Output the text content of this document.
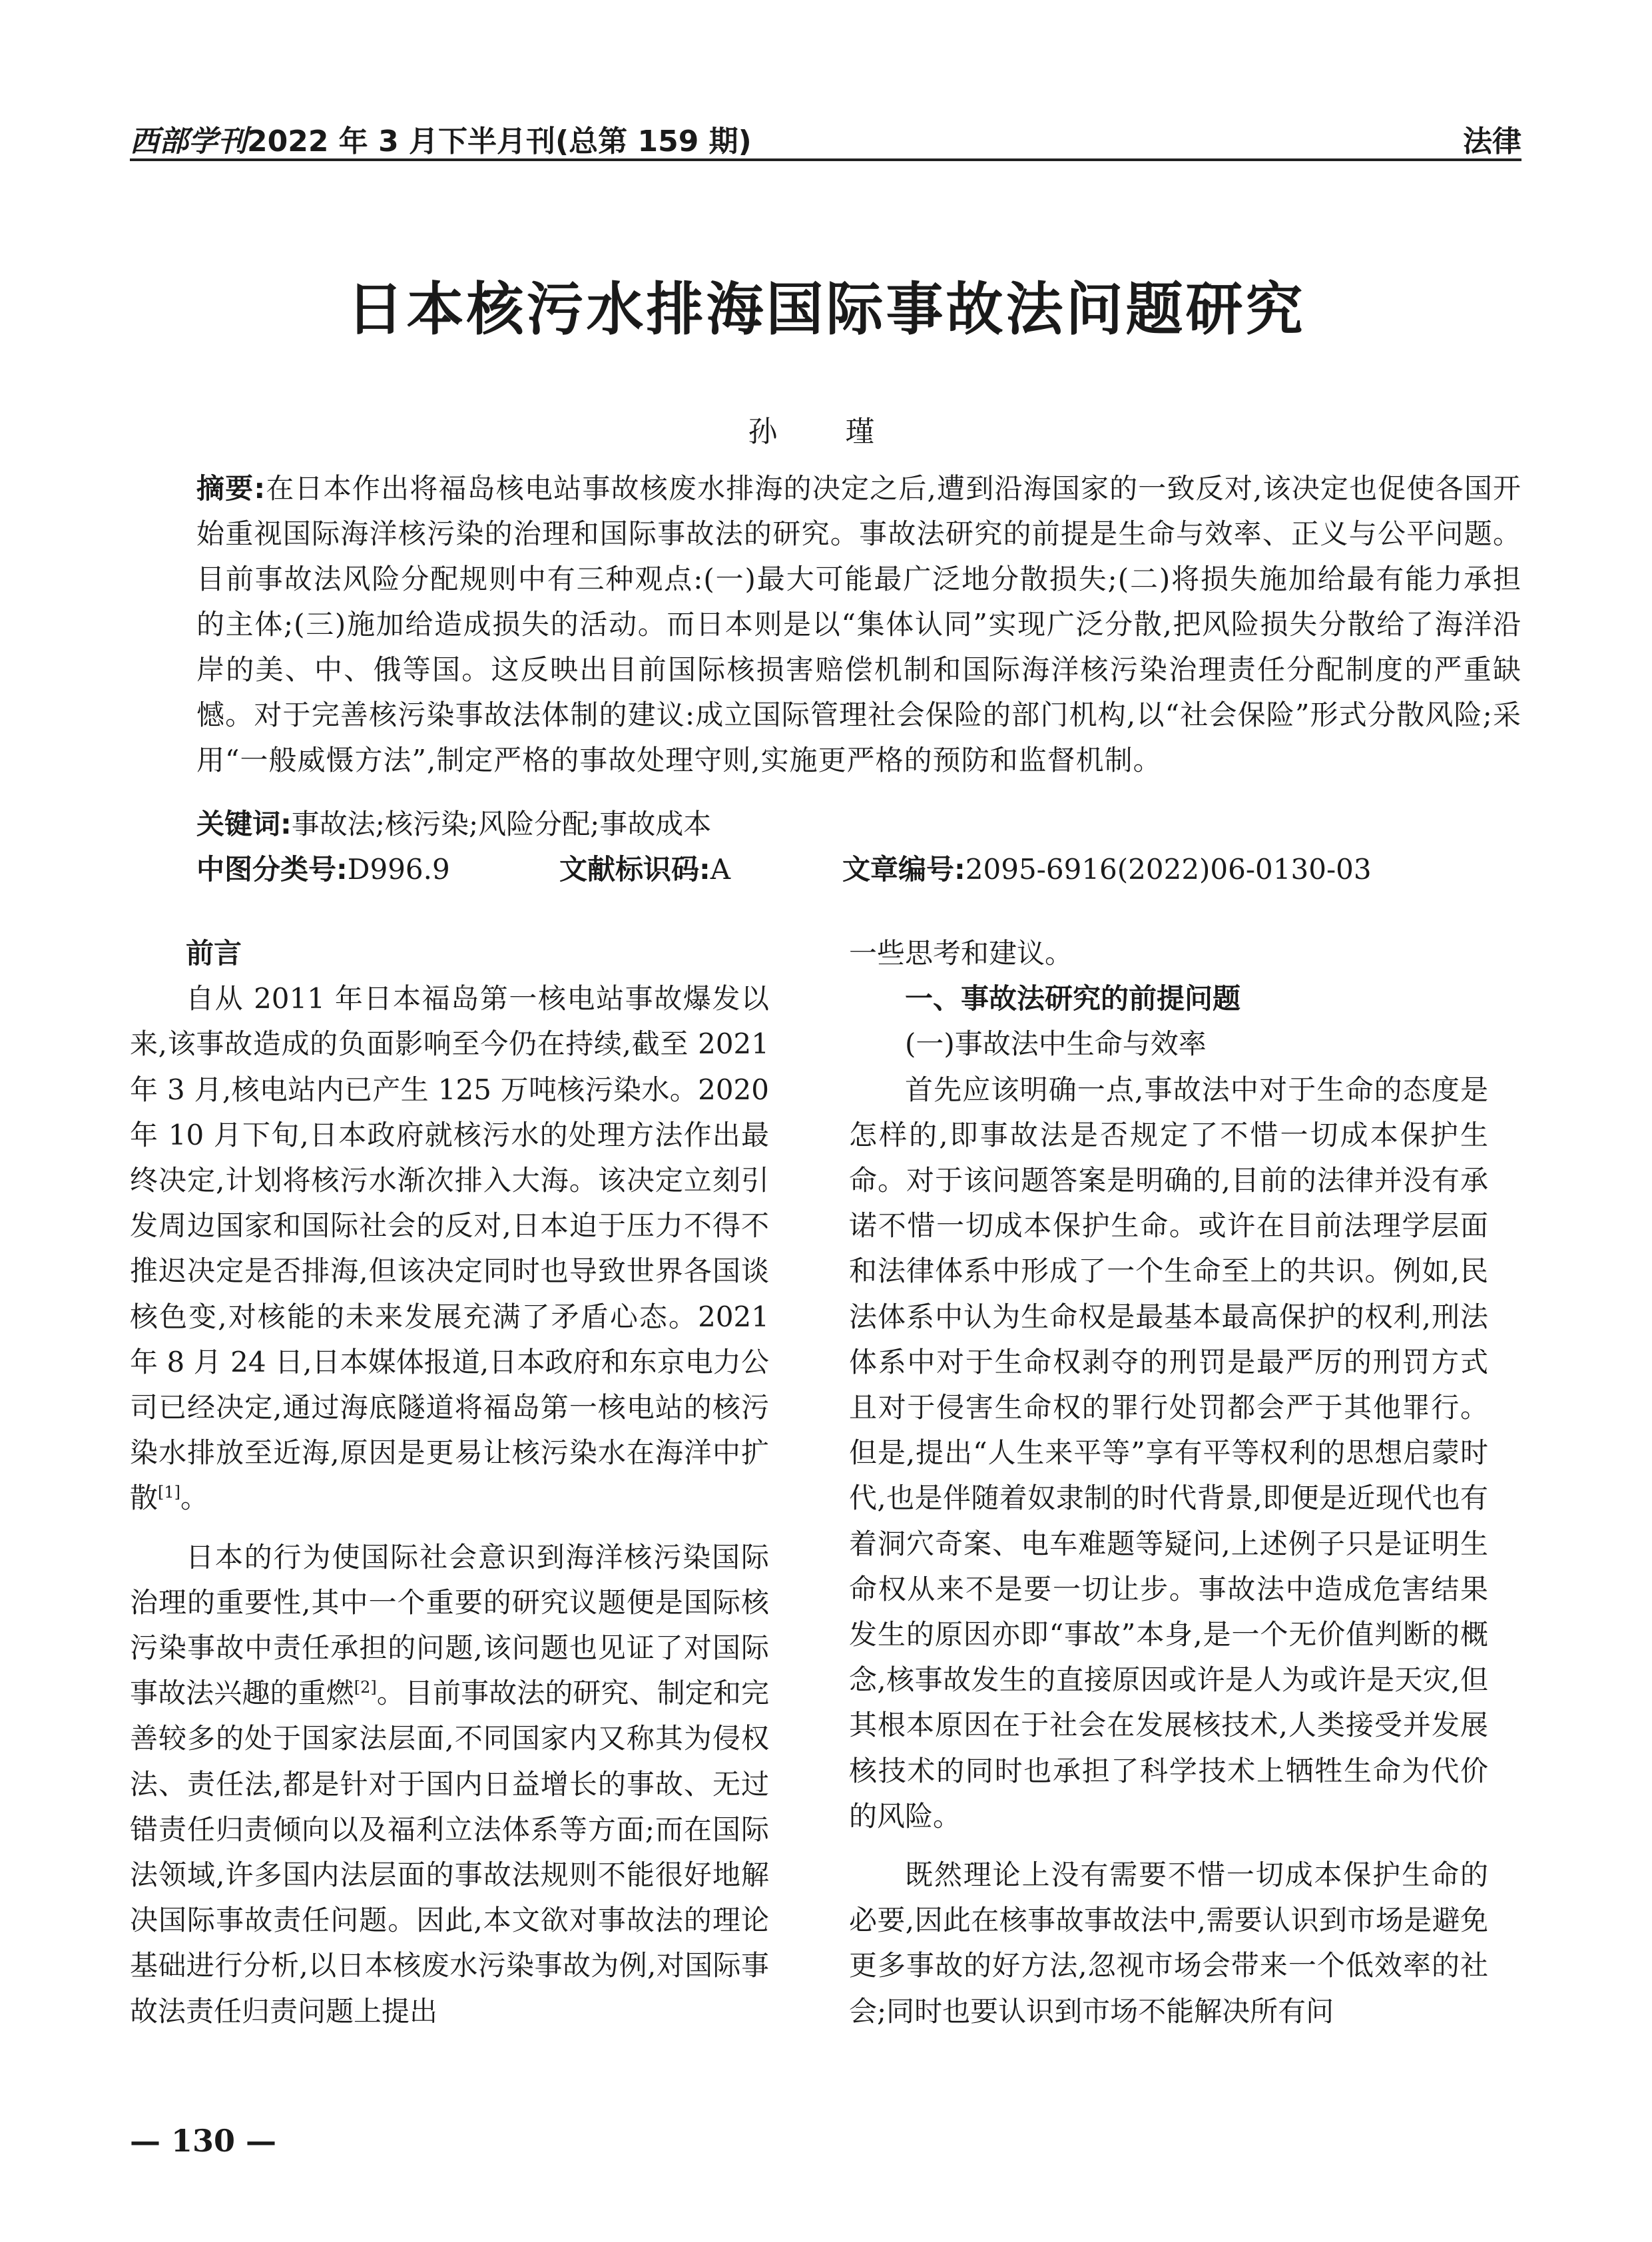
西部学刊2022 年 3 月下半月刊(总第 159 期)	法律
日本核污水排海国际事故法问题研究
孙 瑾
摘要:在日本作出将福岛核电站事故核废水排海的决定之后,遭到沿海国家的一致反对,该决定也促使各国开始重视国际海洋核污染的治理和国际事故法的研究。事故法研究的前提是生命与效率、正义与公平问题。目前事故法风险分配规则中有三种观点:(一)最大可能最广泛地分散损失;(二)将损失施加给最有能力承担的主体;(三)施加给造成损失的活动。而日本则是以“集体认同”实现广泛分散,把风险损失分散给了海洋沿岸的美、中、俄等国。这反映出目前国际核损害赔偿机制和国际海洋核污染治理责任分配制度的严重缺憾。对于完善核污染事故法体制的建议:成立国际管理社会保险的部门机构,以“社会保险”形式分散风险;采用“一般威慑方法”,制定严格的事故处理守则,实施更严格的预防和监督机制。
关键词:事故法;核污染;风险分配;事故成本
中图分类号:D996.9	文献标识码:A	文章编号:2095-6916(2022)06-0130-03

前言

自从 2011 年日本福岛第一核电站事故爆发以来,该事故造成的负面影响至今仍在持续,截至 2021 年 3 月,核电站内已产生 125 万吨核污染水。2020 年 10 月下旬,日本政府就核污水的处理方法作出最终决定,计划将核污水渐次排入大海。该决定立刻引发周边国家和国际社会的反对,日本迫于压力不得不推迟决定是否排海,但该决定同时也导致世界各国谈核色变,对核能的未来发展充满了矛盾心态。2021 年 8 月 24 日,日本媒体报道,日本政府和东京电力公司已经决定,通过海底隧道将福岛第一核电站的核污染水排放至近海,原因是更易让核污染水在海洋中扩散[1]。

日本的行为使国际社会意识到海洋核污染国际治理的重要性,其中一个重要的研究议题便是国际核污染事故中责任承担的问题,该问题也见证了对国际事故法兴趣的重燃[2]。目前事故法的研究、制定和完善较多的处于国家法层面,不同国家内又称其为侵权法、责任法,都是针对于国内日益增长的事故、无过错责任归责倾向以及福利立法体系等方面;而在国际法领域,许多国内法层面的事故法规则不能很好地解决国际事故责任问题。因此,本文欲对事故法的理论基础进行分析,以日本核废水污染事故为例,对国际事故法责任归责问题上提出

一些思考和建议。

一、事故法研究的前提问题

(一)事故法中生命与效率

首先应该明确一点,事故法中对于生命的态度是怎样的,即事故法是否规定了不惜一切成本保护生命。对于该问题答案是明确的,目前的法律并没有承诺不惜一切成本保护生命。或许在目前法理学层面和法律体系中形成了一个生命至上的共识。例如,民法体系中认为生命权是最基本最高保护的权利,刑法体系中对于生命权剥夺的刑罚是最严厉的刑罚方式且对于侵害生命权的罪行处罚都会严于其他罪行。但是,提出“人生来平等”享有平等权利的思想启蒙时代,也是伴随着奴隶制的时代背景,即便是近现代也有着洞穴奇案、电车难题等疑问,上述例子只是证明生命权从来不是要一切让步。事故法中造成危害结果发生的原因亦即“事故”本身,是一个无价值判断的概念,核事故发生的直接原因或许是人为或许是天灾,但其根本原因在于社会在发展核技术,人类接受并发展核技术的同时也承担了科学技术上牺牲生命为代价的风险。

既然理论上没有需要不惜一切成本保护生命的必要,因此在核事故事故法中,需要认识到市场是避免更多事故的好方法,忽视市场会带来一个低效率的社会;同时也要认识到市场不能解决所有问

— 130 —
